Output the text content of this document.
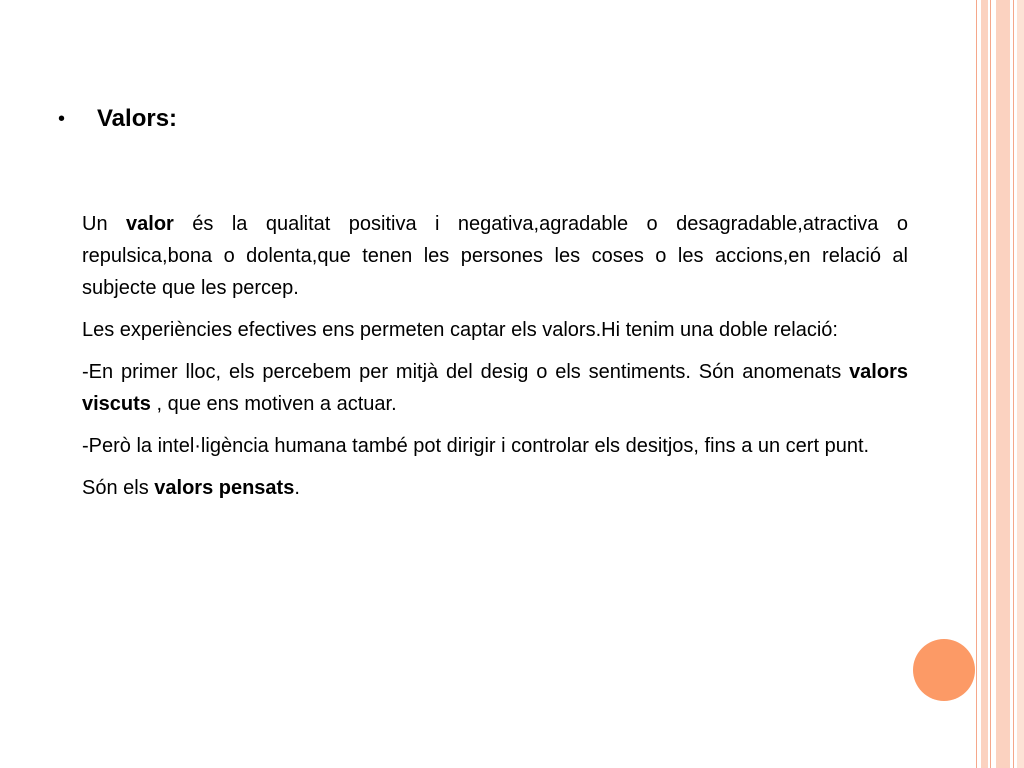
•	Valors:

Un valor és la qualitat positiva i negativa,agradable o desagradable,atractiva o repulsica,bona o dolenta,que tenen les persones les coses o les accions,en relació al subjecte que les percep.

Les experiències efectives ens permeten captar els valors.Hi tenim una doble relació:

-En primer lloc, els percebem per mitjà del desig o els sentiments. Són anomenats valors viscuts , que ens motiven a actuar.

-Però la intel·ligència humana també pot dirigir i controlar els desitjos, fins a un cert punt.

Són els valors pensats.
